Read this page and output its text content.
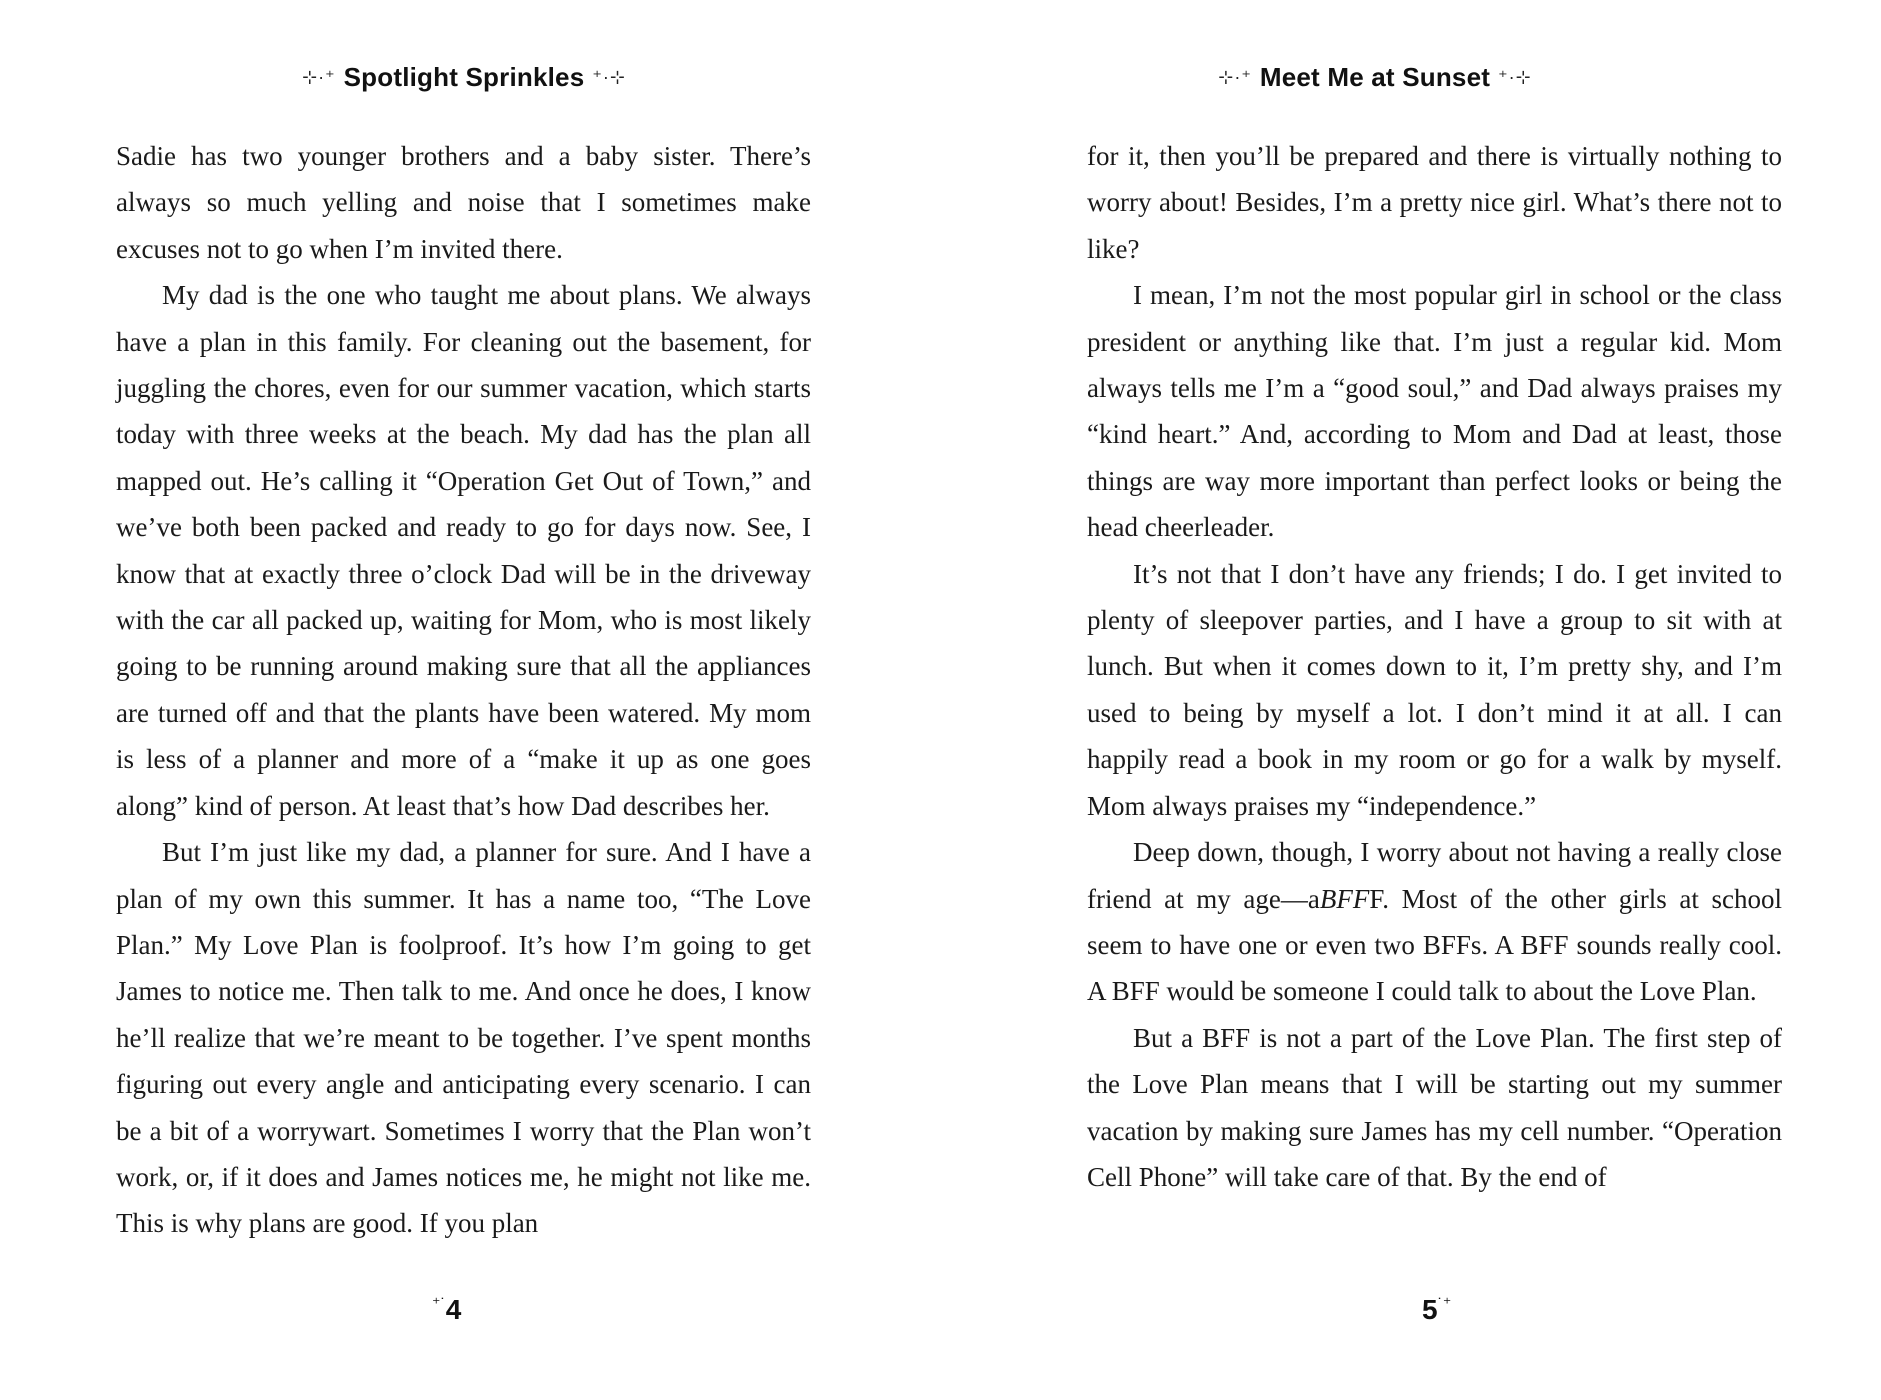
⊹·⁺ Spotlight Sprinkles ⁺·⊹

Sadie has two younger brothers and a baby sister. There’s always so much yelling and noise that I sometimes make excuses not to go when I’m invited there.

My dad is the one who taught me about plans. We always have a plan in this family. For cleaning out the basement, for juggling the chores, even for our summer vacation, which starts today with three weeks at the beach. My dad has the plan all mapped out. He’s calling it “Operation Get Out of Town,” and we’ve both been packed and ready to go for days now. See, I know that at exactly three o’clock Dad will be in the driveway with the car all packed up, waiting for Mom, who is most likely going to be running around making sure that all the appliances are turned off and that the plants have been watered. My mom is less of a planner and more of a “make it up as one goes along” kind of person. At least that’s how Dad describes her.

But I’m just like my dad, a planner for sure. And I have a plan of my own this summer. It has a name too, “The Love Plan.” My Love Plan is foolproof. It’s how I’m going to get James to notice me. Then talk to me. And once he does, I know he’ll realize that we’re meant to be together. I’ve spent months figuring out every angle and anticipating every scenario. I can be a bit of a worrywart. Sometimes I worry that the Plan won’t work, or, if it does and James notices me, he might not like me. This is why plans are good. If you plan

⁺˙4
⊹·⁺ Meet Me at Sunset ⁺·⊹

for it, then you’ll be prepared and there is virtually nothing to worry about! Besides, I’m a pretty nice girl. What’s there not to like?

I mean, I’m not the most popular girl in school or the class president or anything like that. I’m just a regular kid. Mom always tells me I’m a “good soul,” and Dad always praises my “kind heart.” And, according to Mom and Dad at least, those things are way more important than perfect looks or being the head cheerleader.

It’s not that I don’t have any friends; I do. I get invited to plenty of sleepover parties, and I have a group to sit with at lunch. But when it comes down to it, I’m pretty shy, and I’m used to being by myself a lot. I don’t mind it at all. I can happily read a book in my room or go for a walk by myself. Mom always praises my “independence.”

Deep down, though, I worry about not having a really close friend at my age—aBFFF. Most of the other girls at school seem to have one or even two BFFs. A BFF sounds really cool. A BFF would be someone I could talk to about the Love Plan.

But a BFF is not a part of the Love Plan. The first step of the Love Plan means that I will be starting out my summer vacation by making sure James has my cell number. “Operation Cell Phone” will take care of that. By the end of

5˙⁺
